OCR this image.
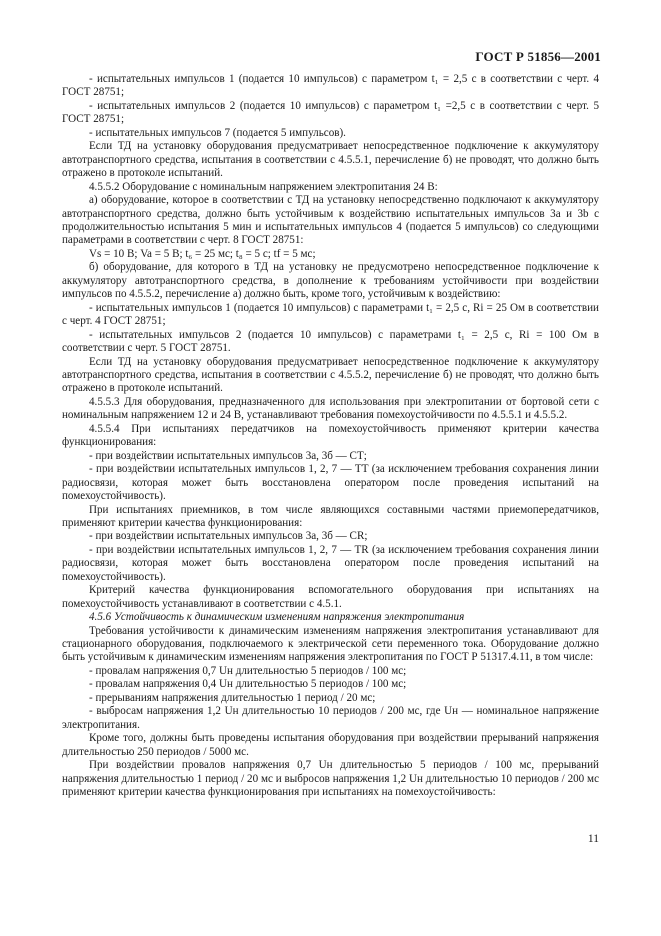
ГОСТ Р 51856—2001

- испытательных импульсов 1 (подается 10 импульсов) с параметром t₁ = 2,5 с в соответствии с черт. 4 ГОСТ 28751;

- испытательных импульсов 2 (подается 10 импульсов) с параметром t₁ =2,5 с в соответствии с черт. 5 ГОСТ 28751;

- испытательных импульсов 7 (подается 5 импульсов).

Если ТД на установку оборудования предусматривает непосредственное подключение к аккумулятору автотранспортного средства, испытания в соответствии с 4.5.5.1, перечисление б) не проводят, что должно быть отражено в протоколе испытаний.

4.5.5.2 Оборудование с номинальным напряжением электропитания 24 В:

а) оборудование, которое в соответствии с ТД на установку непосредственно подключают к аккумулятору автотранспортного средства, должно быть устойчивым к воздействию испытательных импульсов 3а и 3b с продолжительностью испытания 5 мин и испытательных импульсов 4 (подается 5 импульсов) со следующими параметрами в соответствии с черт. 8 ГОСТ 28751:

Vs = 10 В; Va = 5 В; t₆ = 25 мс; t₈ = 5 с; tf = 5 мс;

б) оборудование, для которого в ТД на установку не предусмотрено непосредственное подключение к аккумулятору автотранспортного средства, в дополнение к требованиям устойчивости при воздействии импульсов по 4.5.5.2, перечисление а) должно быть, кроме того, устойчивым к воздействию:

- испытательных импульсов 1 (подается 10 импульсов) с параметрами t₁ = 2,5 с, Ri = 25 Ом в соответствии с черт. 4 ГОСТ 28751;

- испытательных импульсов 2 (подается 10 импульсов) с параметрами t₁ = 2,5 с, Ri = 100 Ом в соответствии с черт. 5 ГОСТ 28751.

Если ТД на установку оборудования предусматривает непосредственное подключение к аккумулятору автотранспортного средства, испытания в соответствии с 4.5.5.2, перечисление б) не проводят, что должно быть отражено в протоколе испытаний.

4.5.5.3 Для оборудования, предназначенного для использования при электропитании от бортовой сети с номинальным напряжением 12 и 24 В, устанавливают требования помехоустойчивости по 4.5.5.1 и 4.5.5.2.

4.5.5.4 При испытаниях передатчиков на помехоустойчивость применяют критерии качества функционирования:

- при воздействии испытательных импульсов 3а, 3б — СТ;

- при воздействии испытательных импульсов 1, 2, 7 — ТТ (за исключением требования сохранения линии радиосвязи, которая может быть восстановлена оператором после проведения испытаний на помехоустойчивость).

При испытаниях приемников, в том числе являющихся составными частями приемопередатчиков, применяют критерии качества функционирования:

- при воздействии испытательных импульсов 3а, 3б — CR;

- при воздействии испытательных импульсов 1, 2, 7 — TR (за исключением требования сохранения линии радиосвязи, которая может быть восстановлена оператором после проведения испытаний на помехоустойчивость).

Критерий качества функционирования вспомогательного оборудования при испытаниях на помехоустойчивость устанавливают в соответствии с 4.5.1.

4.5.6 Устойчивость к динамическим изменениям напряжения электропитания

Требования устойчивости к динамическим изменениям напряжения электропитания устанавливают для стационарного оборудования, подключаемого к электрической сети переменного тока. Оборудование должно быть устойчивым к динамическим изменениям напряжения электропитания по ГОСТ Р 51317.4.11, в том числе:

- провалам напряжения 0,7 Uн длительностью 5 периодов / 100 мс;

- провалам напряжения 0,4 Uн длительностью 5 периодов / 100 мс;

- прерываниям напряжения длительностью 1 период / 20 мс;

- выбросам напряжения 1,2 Uн длительностью 10 периодов / 200 мс, где Uн — номинальное напряжение электропитания.

Кроме того, должны быть проведены испытания оборудования при воздействии прерываний напряжения длительностью 250 периодов / 5000 мс.

При воздействии провалов напряжения 0,7 Uн длительностью 5 периодов / 100 мс, прерываний напряжения длительностью 1 период / 20 мс и выбросов напряжения 1,2 Uн длительностью 10 периодов / 200 мс применяют критерии качества функционирования при испытаниях на помехоустойчивость:

11
